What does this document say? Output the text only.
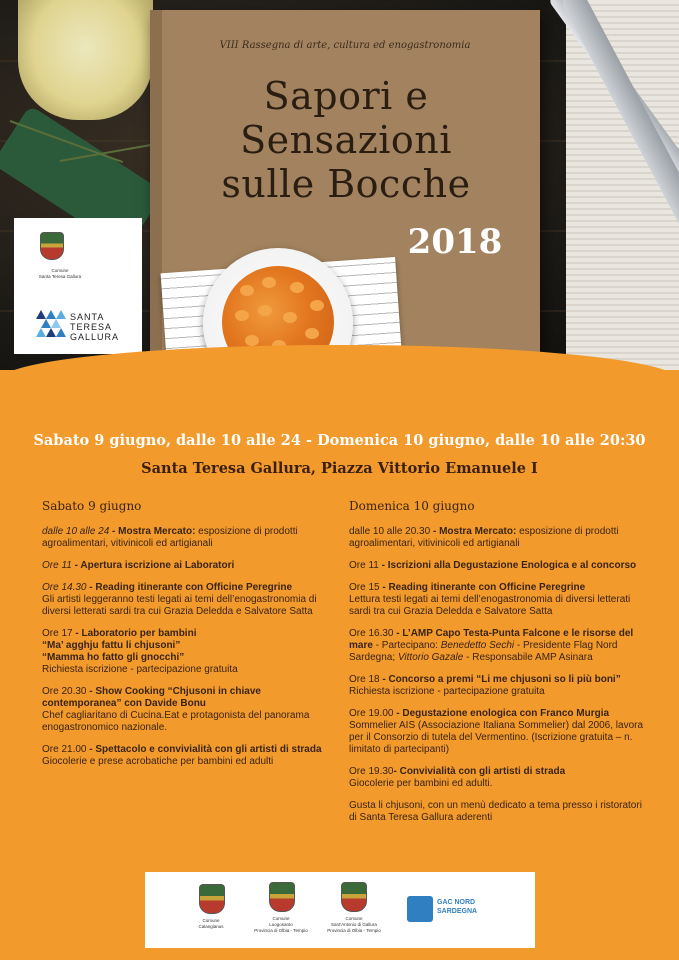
VIII Rassegna di arte, cultura ed enogastronomia
Sapori e
Sensazioni
sulle Bocche
2018
Comune
Santa Teresa Gallura
SANTA
TERESA
GALLURA
Sabato 9 giugno, dalle 10 alle 24 - Domenica 10 giugno, dalle 10 alle 20:30
Santa Teresa Gallura, Piazza Vittorio Emanuele I
Sabato 9 giugno
dalle 10 alle 24 - Mostra Mercato: esposizione di prodotti agroalimentari, vitivinicoli ed artigianali
Ore 11 - Apertura iscrizione ai Laboratori
Ore 14.30 - Reading itinerante con Officine Peregrine
Gli artisti leggeranno testi legati ai temi dell’enogastronomia di diversi letterati sardi tra cui Grazia Deledda e Salvatore Satta
Ore 17 - Laboratorio per bambini
“Ma’ agghju fattu li chjusoni”
“Mamma ho fatto gli gnocchi”
Richiesta iscrizione - partecipazione gratuita
Ore 20.30 - Show Cooking “Chjusoni in chiave contemporanea” con Davide Bonu
Chef cagliaritano di Cucina.Eat e protagonista del panorama enogastronomico nazionale.
Ore 21.00 - Spettacolo e convivialità con gli artisti di strada
Giocolerie e prese acrobatiche per bambini ed adulti
Domenica 10 giugno
dalle 10 alle 20.30 - Mostra Mercato: esposizione di prodotti agroalimentari, vitivinicoli ed artigianali
Ore 11 - Iscrizioni alla Degustazione Enologica e al concorso
Ore 15 - Reading itinerante con Officine Peregrine
Lettura testi legati ai temi dell’enogastronomia di diversi letterati sardi tra cui Grazia Deledda e Salvatore Satta
Ore 16.30 - L’AMP Capo Testa-Punta Falcone e le risorse del mare - Partecipano: Benedetto Sechi - Presidente Flag Nord Sardegna; Vittorio Gazale - Responsabile AMP Asinara
Ore 18 - Concorso a premi “Li me chjusoni so li più boni”
Richiesta iscrizione - partecipazione gratuita
Ore 19.00 - Degustazione enologica con Franco Murgia
Sommelier AIS (Associazione Italiana Sommelier) dal 2006, lavora per il Consorzio di tutela del Vermentino. (Iscrizione gratuita – n. limitato di partecipanti)
Ore 19.30- Convivialità con gli artisti di strada
Giocolerie per bambini ed adulti.
Gusta li chjusoni, con un menù dedicato a tema presso i ristoratori di Santa Teresa Gallura aderenti
Comune
Calangianus
Comune
Luogosanto
Provincia di Olbia - Tempio
Comune
Sant'Antonio di Gallura
Provincia di Olbia - Tempio
GAC NORD
SARDEGNA
